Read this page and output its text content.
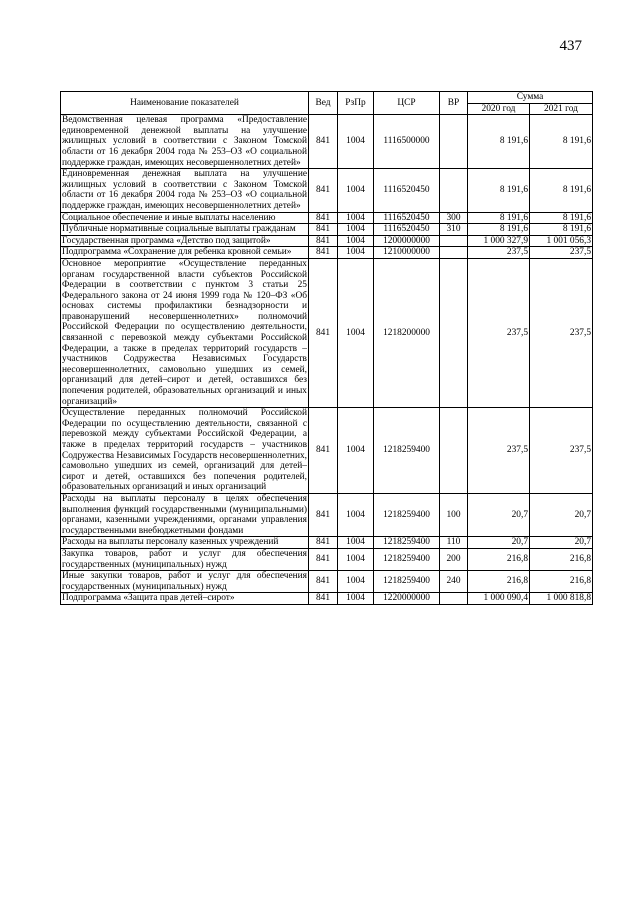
437
Наименование показателей	Вед	РзПр	ЦСР	ВР	Сумма	
					2020 год	2021 год
Ведомственная целевая программа «Предоставление единовременной денежной выплаты на улучшение жилищных условий в соответствии с Законом Томской области от 16 декабря 2004 года № 253–ОЗ «О социальной поддержке граждан, имеющих несовершеннолетних детей»	841	1004	1116500000		8 191,6	8 191,6
Единовременная денежная выплата на улучшение жилищных условий в соответствии с Законом Томской области от 16 декабря 2004 года № 253–ОЗ «О социальной поддержке граждан, имеющих несовершеннолетних детей»	841	1004	1116520450		8 191,6	8 191,6
Социальное обеспечение и иные выплаты населению	841	1004	1116520450	300	8 191,6	8 191,6
Публичные нормативные социальные выплаты гражданам	841	1004	1116520450	310	8 191,6	8 191,6
Государственная программа «Детство под защитой»	841	1004	1200000000		1 000 327,9	1 001 056,3
Подпрограмма «Сохранение для ребенка кровной семьи»	841	1004	1210000000		237,5	237,5
Основное мероприятие «Осуществление переданных органам государственной власти субъектов Российской Федерации в соответствии с пунктом 3 статьи 25 Федерального закона от 24 июня 1999 года № 120–ФЗ «Об основах системы профилактики безнадзорности и правонарушений несовершеннолетних» полномочий Российской Федерации по осуществлению деятельности, связанной с перевозкой между субъектами Российской Федерации, а также в пределах территорий государств – участников Содружества Независимых Государств несовершеннолетних, самовольно ушедших из семей, организаций для детей–сирот и детей, оставшихся без попечения родителей, образовательных организаций и иных организаций»	841	1004	1218200000		237,5	237,5
Осуществление переданных полномочий Российской Федерации по осуществлению деятельности, связанной с перевозкой между субъектами Российской Федерации, а также в пределах территорий государств – участников Содружества Независимых Государств несовершеннолетних, самовольно ушедших из семей, организаций для детей–сирот и детей, оставшихся без попечения родителей, образовательных организаций и иных организаций	841	1004	1218259400		237,5	237,5
Расходы на выплаты персоналу в целях обеспечения выполнения функций государственными (муниципальными) органами, казенными учреждениями, органами управления государственными внебюджетными фондами	841	1004	1218259400	100	20,7	20,7
Расходы на выплаты персоналу казенных учреждений	841	1004	1218259400	110	20,7	20,7
Закупка товаров, работ и услуг для обеспечения государственных (муниципальных) нужд	841	1004	1218259400	200	216,8	216,8
Иные закупки товаров, работ и услуг для обеспечения государственных (муниципальных) нужд	841	1004	1218259400	240	216,8	216,8
Подпрограмма «Защита прав детей–сирот»	841	1004	1220000000		1 000 090,4	1 000 818,8
